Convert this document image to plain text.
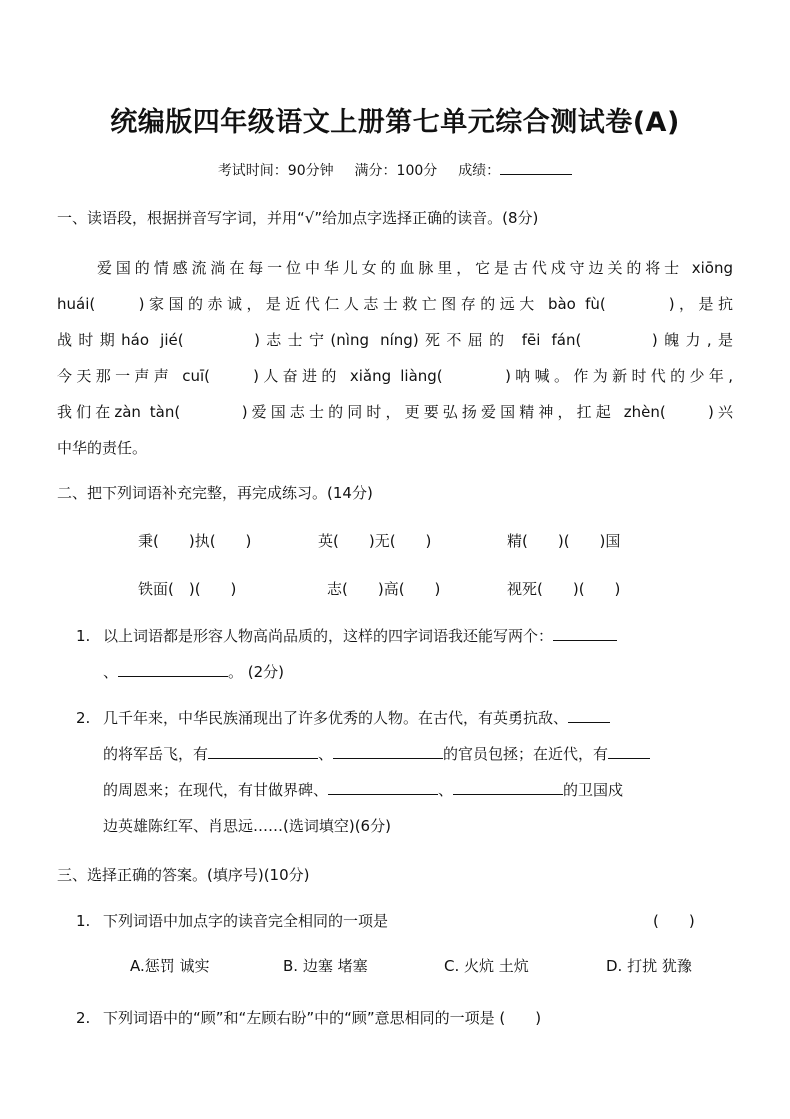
统编版四年级语文上册第七单元综合测试卷(A)
考试时间：90分钟 满分：100分 成绩：
一、读语段，根据拼音写字词，并用“√”给加点字选择正确的读音。(8分)
爱国的情感流淌在每一位中华儿女的血脉里，它是古代戍守边关的将士 xiōng
huái(　　)家国的赤诚，是近代仁人志士救亡图存的远大 bào fù(　　　)，是抗
战时期háo jié(　　　)志士宁(nìng níng)死不屈的 fēi fán(　　　)魄力,是
今天那一声声 cuī(　　)人奋进的 xiǎng liàng(　　　)呐喊。作为新时代的少年,
我们在zàn tàn(　　　)爱国志士的同时，更要弘扬爱国精神，扛起 zhèn(　　)兴
中华的责任。
二、把下列词语补充完整，再完成练习。(14分)
秉(　　)执(　　)	英(　　)无(　　)	精(　　)(　　)国
铁面(　)(　　)	志(　　)高(　　)	视死(　　)(　　)
1. 以上词语都是形容人物高尚品质的，这样的四字词语我还能写两个：
、	。 (2分)
2. 几千年来，中华民族涌现出了许多优秀的人物。在古代，有英勇抗敌、
的将军岳飞，有	、	的官员包拯；在近代，有
的周恩来；在现代，有甘做界碑、	、	的卫国戍
边英雄陈红军、肖思远……(选词填空)(6分)
三、选择正确的答案。(填序号)(10分)
1. 下列词语中加点字的读音完全相同的一项是	(　　)
A.惩罚 诚实	B. 边塞 堵塞	C. 火炕 土炕	D. 打扰 犹豫
2. 下列词语中的“顾”和“左顾右盼”中的“顾”意思相同的一项是 (　　)
